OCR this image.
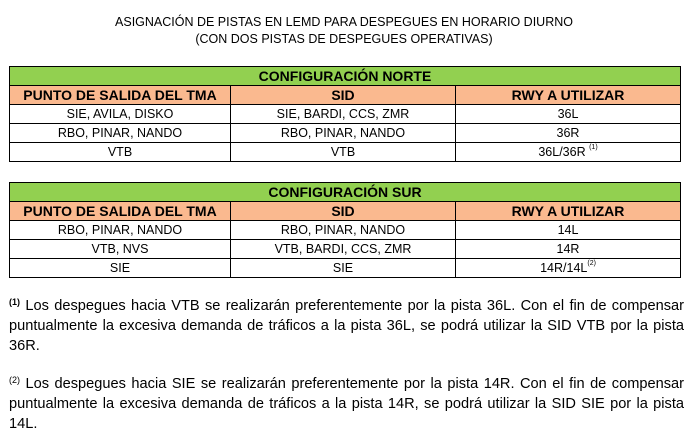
ASIGNACIÓN DE PISTAS EN LEMD PARA DESPEGUES EN HORARIO DIURNO
(CON DOS PISTAS DE DESPEGUES OPERATIVAS)
CONFIGURACIÓN NORTE		
PUNTO DE SALIDA DEL TMA	SID	RWY A UTILIZAR
SIE, AVILA, DISKO	SIE, BARDI, CCS, ZMR	36L
RBO, PINAR, NANDO	RBO, PINAR, NANDO	36R
VTB	VTB	36L/36R $^{(1)}$
CONFIGURACIÓN SUR		
PUNTO DE SALIDA DEL TMA	SID	RWY A UTILIZAR
RBO, PINAR, NANDO	RBO, PINAR, NANDO	14L
VTB, NVS	VTB, BARDI, CCS, ZMR	14R
SIE	SIE	$14R/14L^{(2)}$

$^{(1)}$ Los despegues hacia VTB se realizarán preferentemente por la pista 36L. Con el fin de compensar puntualmente la excesiva demanda de tráficos a la pista 36L, se podrá utilizar la SID VTB por la pista 36R.

$^{(2)}$ Los despegues hacia SIE se realizarán preferentemente por la pista 14R. Con el fin de compensar puntualmente la excesiva demanda de tráficos a la pista 14R, se podrá utilizar la SID SIE por la pista 14L.
